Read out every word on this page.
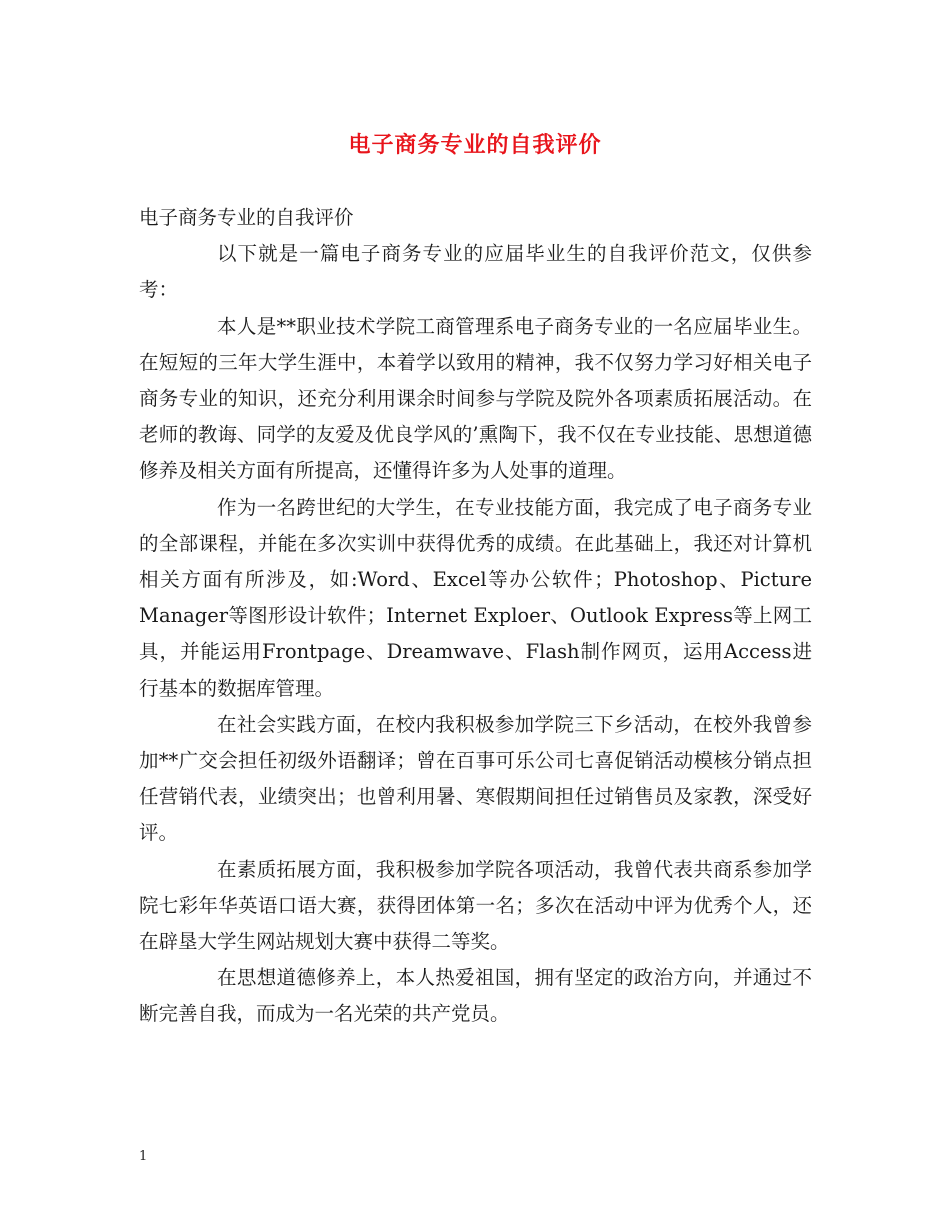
电子商务专业的自我评价

电子商务专业的自我评价

以下就是一篇电子商务专业的应届毕业生的自我评价范文，仅供参考：

本人是**职业技术学院工商管理系电子商务专业的一名应届毕业生。在短短的三年大学生涯中，本着学以致用的精神，我不仅努力学习好相关电子商务专业的知识，还充分利用课余时间参与学院及院外各项素质拓展活动。在老师的教诲、同学的友爱及优良学风的’熏陶下，我不仅在专业技能、思想道德修养及相关方面有所提高，还懂得许多为人处事的道理。

作为一名跨世纪的大学生，在专业技能方面，我完成了电子商务专业的全部课程，并能在多次实训中获得优秀的成绩。在此基础上，我还对计算机相关方面有所涉及，如:Word、Excel等办公软件；Photoshop、Picture Manager等图形设计软件；Internet Exploer、Outlook Express等上网工具，并能运用Frontpage、Dreamwave、Flash制作网页，运用Access进行基本的数据库管理。

在社会实践方面，在校内我积极参加学院三下乡活动，在校外我曾参加**广交会担任初级外语翻译；曾在百事可乐公司七喜促销活动模核分销点担任营销代表，业绩突出；也曾利用暑、寒假期间担任过销售员及家教，深受好评。

在素质拓展方面，我积极参加学院各项活动，我曾代表共商系参加学院七彩年华英语口语大赛，获得团体第一名；多次在活动中评为优秀个人，还在辟垦大学生网站规划大赛中获得二等奖。

在思想道德修养上，本人热爱祖国，拥有坚定的政治方向，并通过不断完善自我，而成为一名光荣的共产党员。

1
